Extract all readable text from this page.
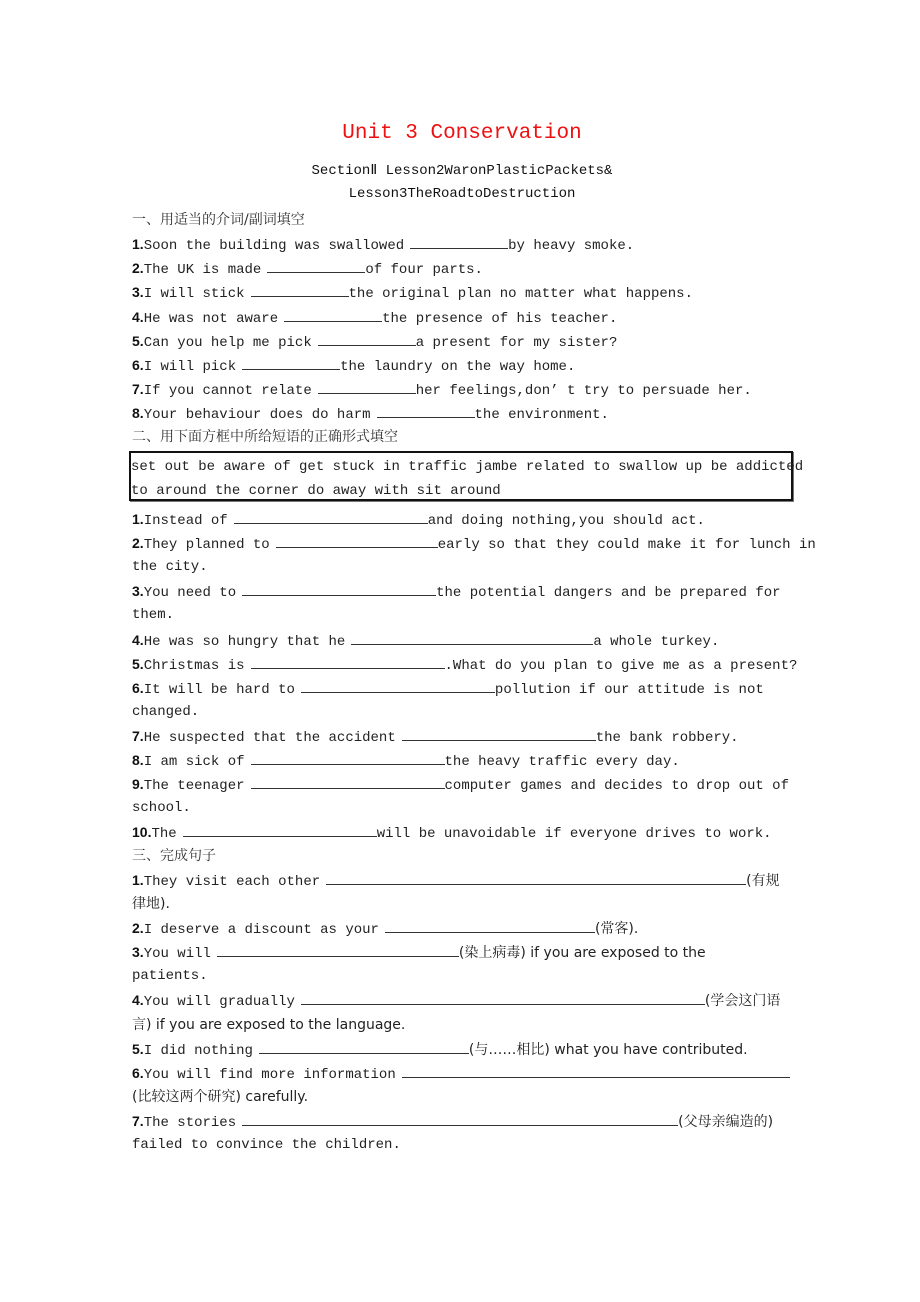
Unit 3 Conservation
SectionⅡ Lesson2WaronPlasticPackets&
Lesson3TheRoadtoDestruction
一、用适当的介词/副词填空
1.Soon the building was swallowed	by heavy smoke.
2.The UK is made	of four parts.
3.I will stick	the original plan no matter what happens.
4.He was not aware	the presence of his teacher.
5.Can you help me pick	a present for my sister?
6.I will pick	the laundry on the way home.
7.If you cannot relate	her feelings,don’ t try to persuade her.
8.Your behaviour does do harm	the environment.
二、用下面方框中所给短语的正确形式填空
set out be aware of get stuck in traffic jambe related to swallow up be addicted
to around the corner do away with sit around
1.Instead of	and doing nothing,you should act.
2.They planned to	early so that they could make it for lunch in
the city.
3.You need to	the potential dangers and be prepared for
them.
4.He was so hungry that he	a whole turkey.
5.Christmas is	.What do you plan to give me as a present?
6.It will be hard to	pollution if our attitude is not
changed.
7.He suspected that the accident	the bank robbery.
8.I am sick of	the heavy traffic every day.
9.The teenager	computer games and decides to drop out of
school.
10.The	will be unavoidable if everyone drives to work.
三、完成句子
1.They visit each other	(有规
律地).
2.I deserve a discount as your	(常客).
3.You will	(染上病毒) if you are exposed to the
patients.
4.You will gradually	(学会这门语
言) if you are exposed to the language.
5.I did nothing	(与……相比) what you have contributed.
6.You will find more information
(比较这两个研究) carefully.
7.The stories	(父母亲编造的)
failed to convince the children.
